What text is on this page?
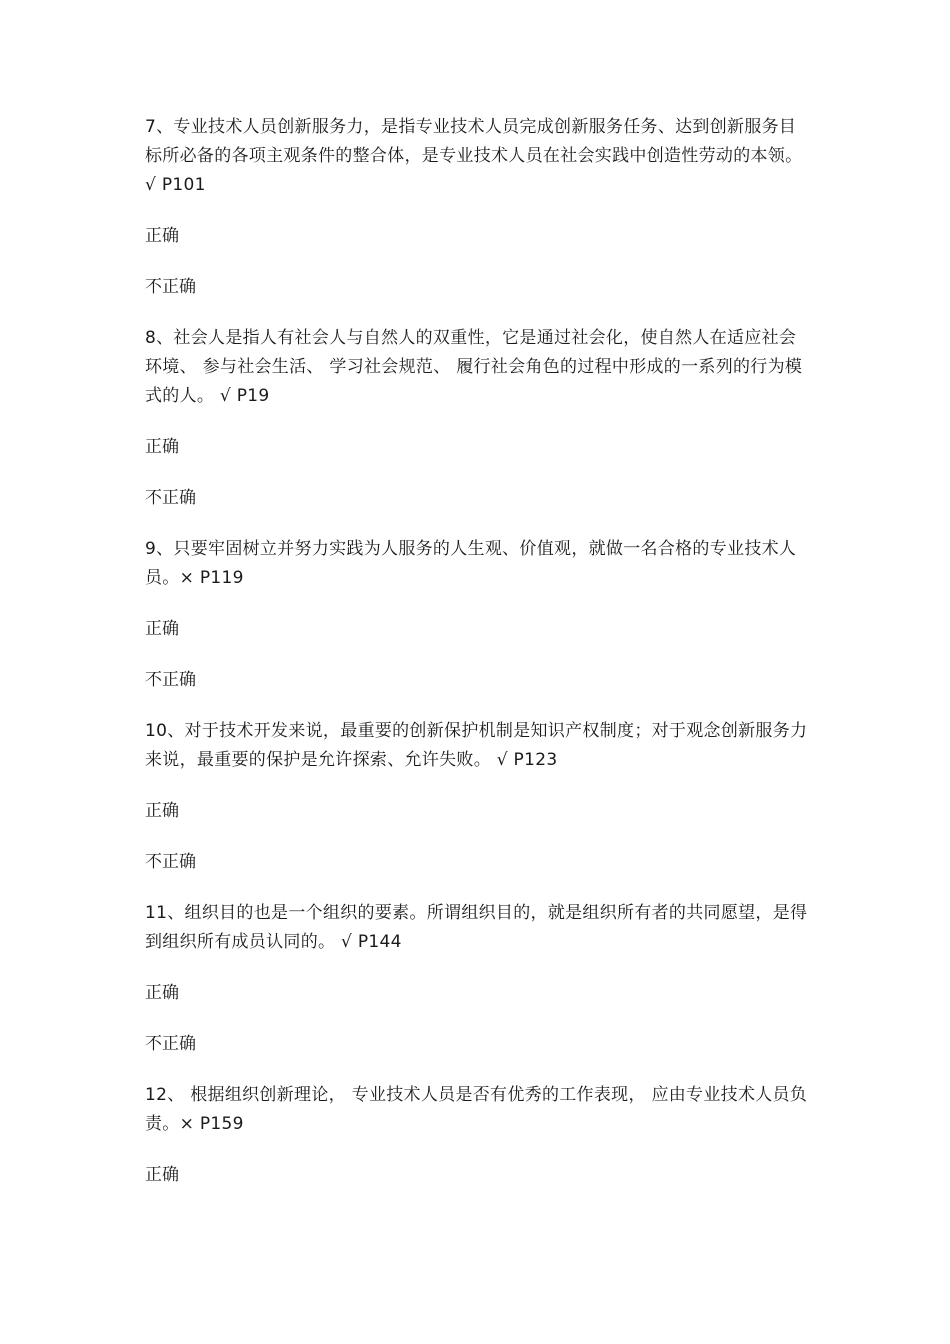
7、专业技术人员创新服务力，是指专业技术人员完成创新服务任务、达到创新服务目标所必备的各项主观条件的整合体，是专业技术人员在社会实践中创造性劳动的本领。 √ P101

正确

不正确

8、社会人是指人有社会人与自然人的双重性，它是通过社会化，使自然人在适应社会环境、 参与社会生活、 学习社会规范、 履行社会角色的过程中形成的一系列的行为模式的人。 √ P19

正确

不正确

9、只要牢固树立并努力实践为人服务的人生观、价值观，就做一名合格的专业技术人员。× P119

正确

不正确

10、对于技术开发来说，最重要的创新保护机制是知识产权制度；对于观念创新服务力来说，最重要的保护是允许探索、允许失败。 √ P123

正确

不正确

11、组织目的也是一个组织的要素。所谓组织目的，就是组织所有者的共同愿望，是得到组织所有成员认同的。 √ P144

正确

不正确

12、 根据组织创新理论， 专业技术人员是否有优秀的工作表现， 应由专业技术人员负责。× P159

正确
